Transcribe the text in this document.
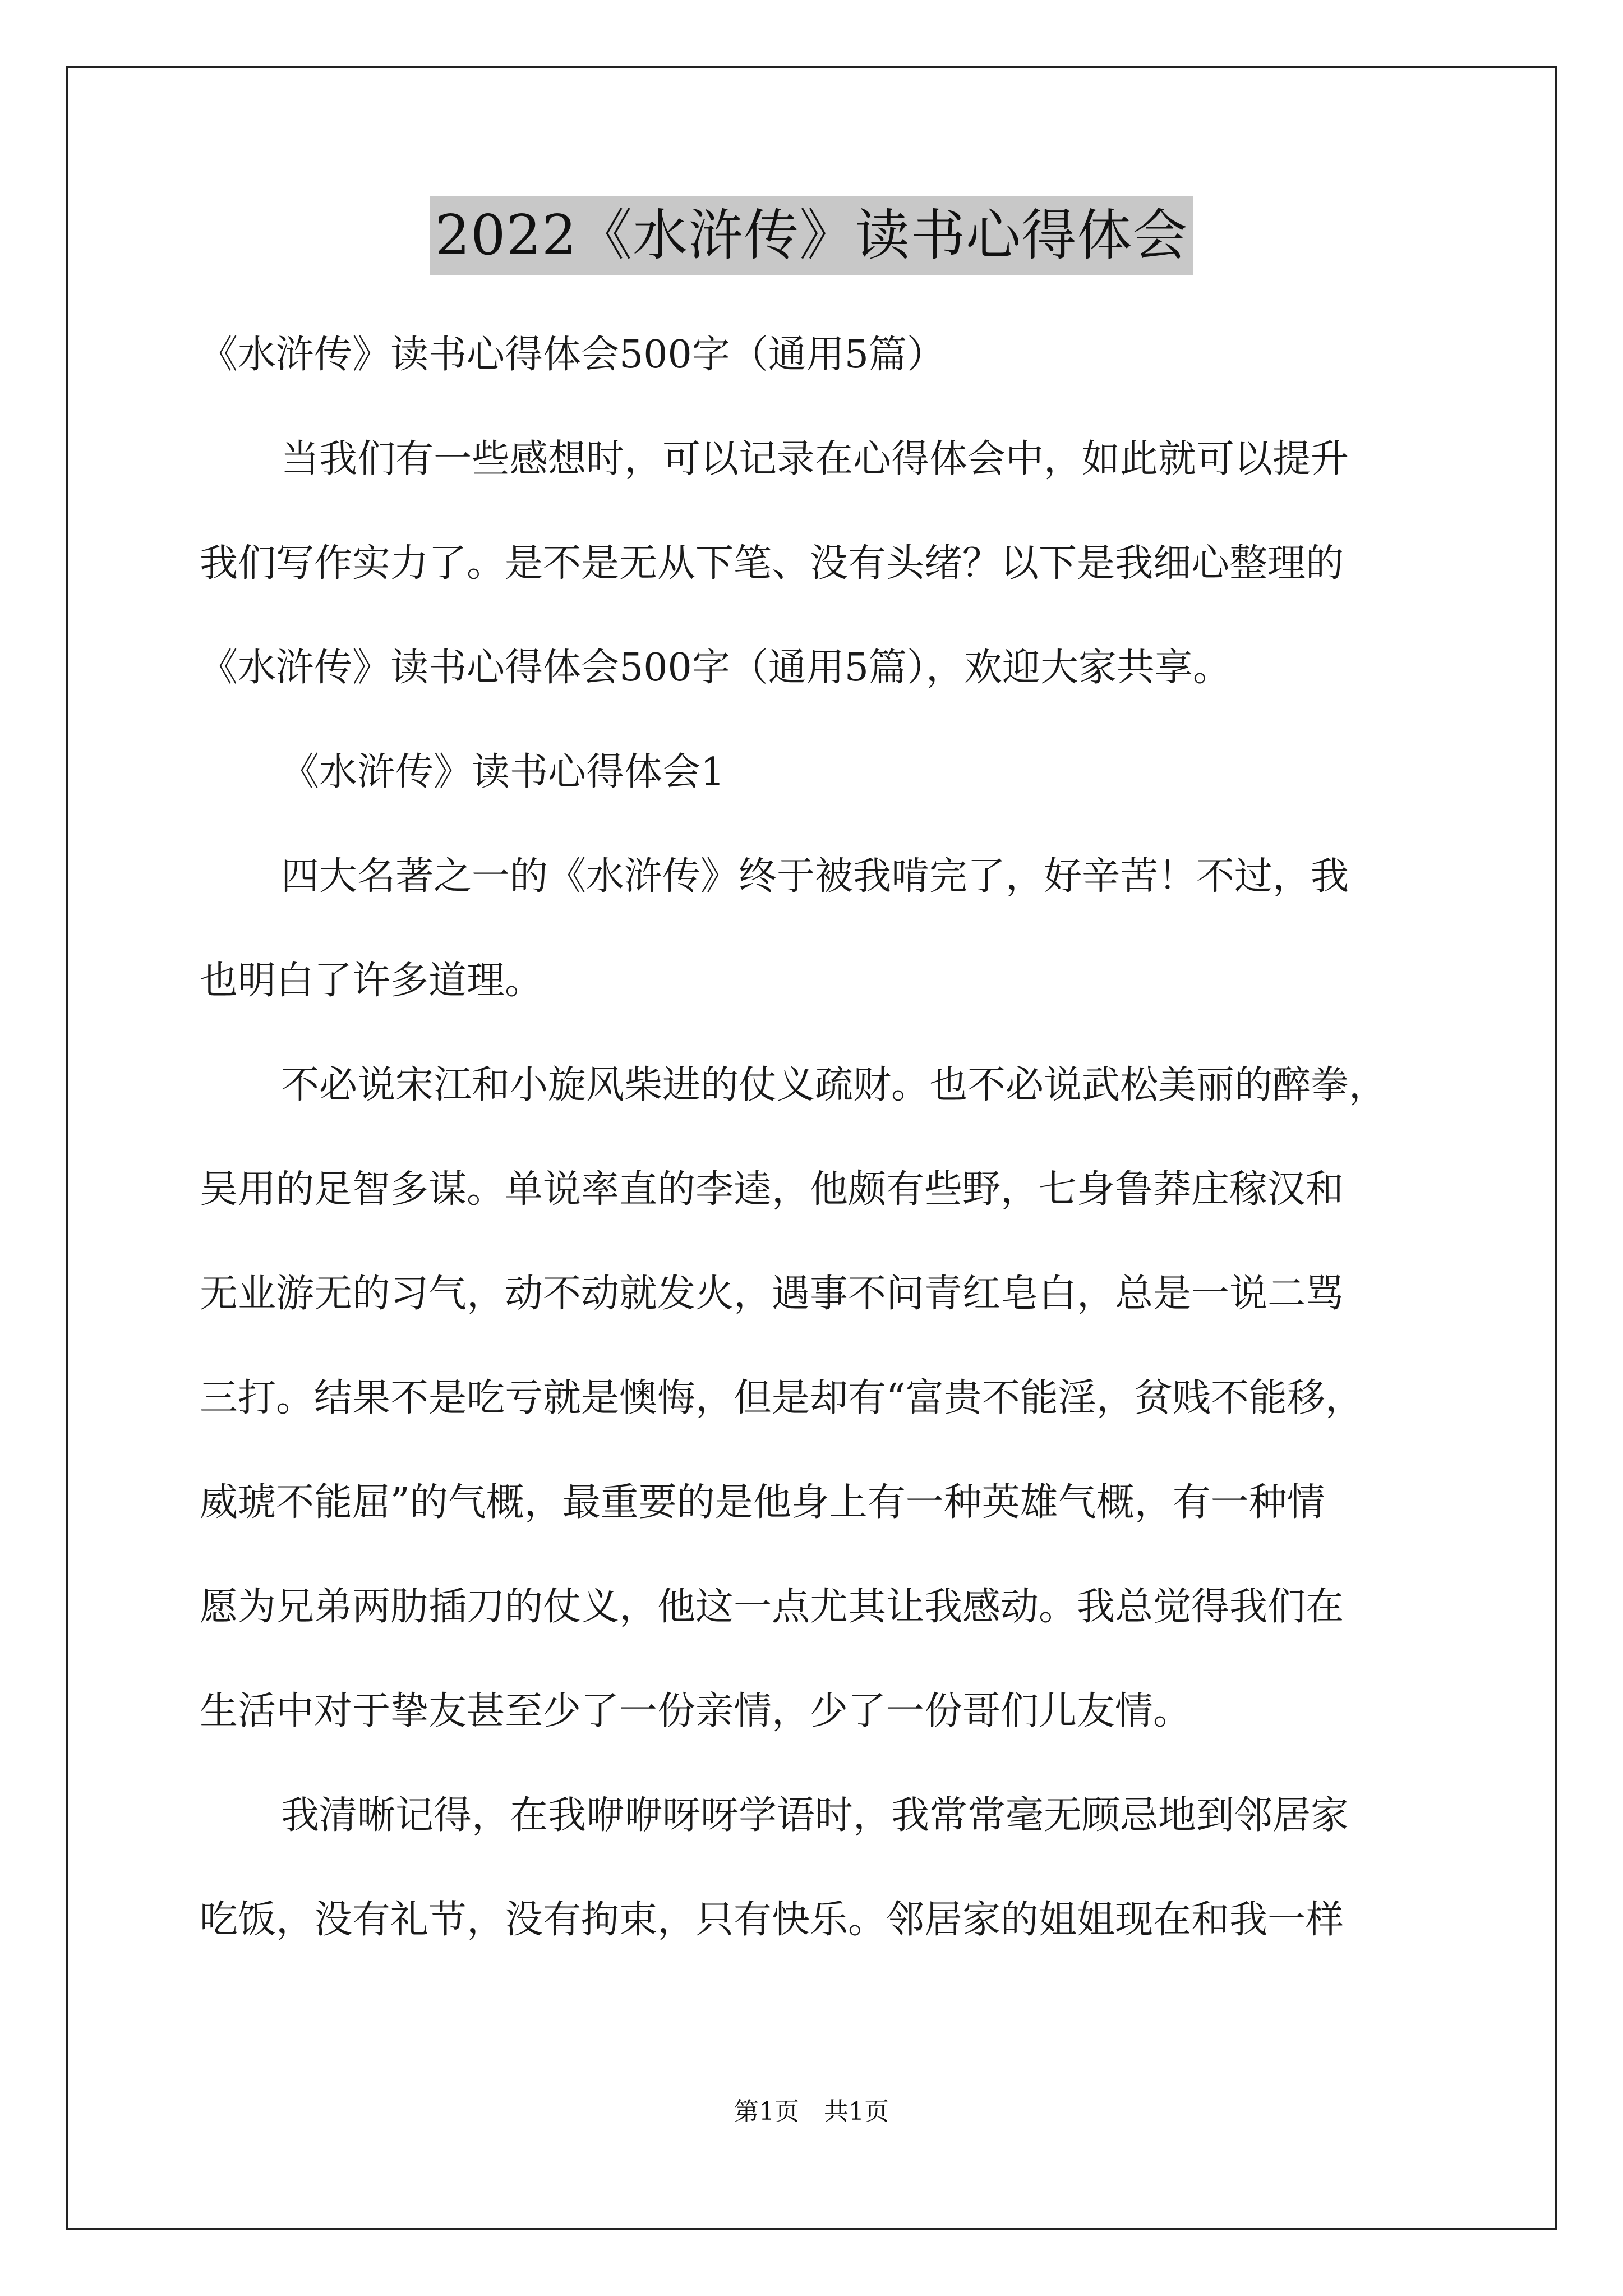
2022《水浒传》读书心得体会

《水浒传》读书心得体会500字（通用5篇）

当我们有一些感想时，可以记录在心得体会中，如此就可以提升

我们写作实力了。是不是无从下笔、没有头绪？以下是我细心整理的

《水浒传》读书心得体会500字（通用5篇），欢迎大家共享。

《水浒传》读书心得体会1

四大名著之一的《水浒传》终于被我啃完了，好辛苦！不过，我

也明白了许多道理。

不必说宋江和小旋风柴进的仗义疏财。也不必说武松美丽的醉拳，

吴用的足智多谋。单说率直的李逵，他颇有些野，七身鲁莽庄稼汉和

无业游无的习气，动不动就发火，遇事不问青红皂白，总是一说二骂

三打。结果不是吃亏就是懊悔，但是却有“富贵不能淫，贫贱不能移，

威琥不能屈”的气概，最重要的是他身上有一种英雄气概，有一种情

愿为兄弟两肋插刀的仗义，他这一点尤其让我感动。我总觉得我们在

生活中对于挚友甚至少了一份亲情，少了一份哥们儿友情。

我清晰记得，在我咿咿呀呀学语时，我常常毫无顾忌地到邻居家

吃饭，没有礼节，没有拘束，只有快乐。邻居家的姐姐现在和我一样

第1页　共1页
